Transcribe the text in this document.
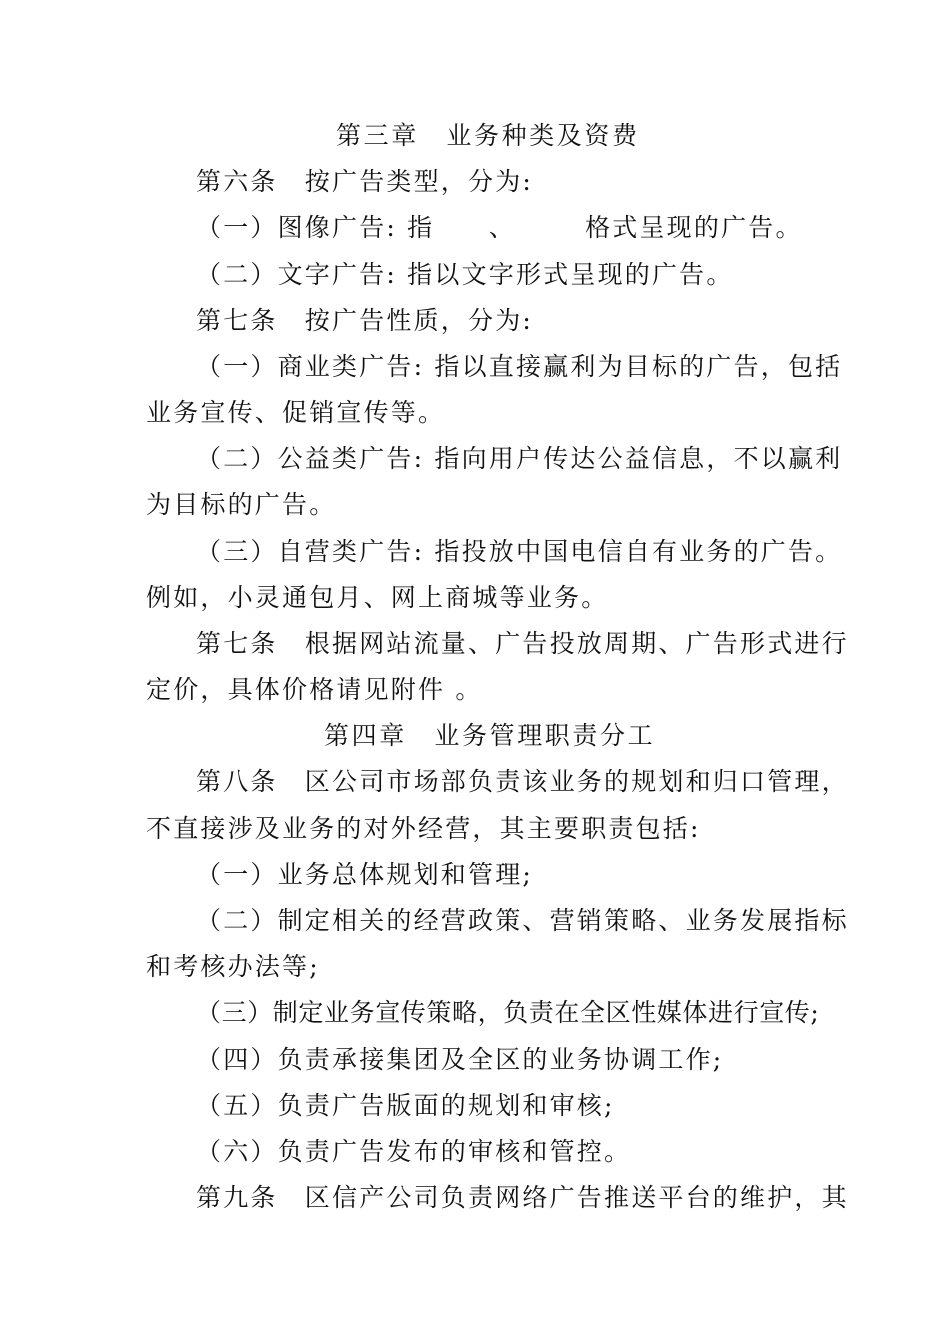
第三章　业务种类及资费
第六条　按广告类型，分为:
（一）图像广告: 指　　、　　　格式呈现的广告。
（二）文字广告: 指以文字形式呈现的广告。
第七条　按广告性质，分为:
（一）商业类广告: 指以直接赢利为目标的广告，包括
业务宣传、促销宣传等。
（二）公益类广告: 指向用户传达公益信息，不以赢利
为目标的广告。
（三）自营类广告: 指投放中国电信自有业务的广告。
例如，小灵通包月、网上商城等业务。
第七条　根据网站流量、广告投放周期、广告形式进行
定价，具体价格请见附件 。
第四章　业务管理职责分工
第八条　区公司市场部负责该业务的规划和归口管理，
不直接涉及业务的对外经营，其主要职责包括:
（一）业务总体规划和管理;
（二）制定相关的经营政策、营销策略、业务发展指标
和考核办法等;
（三）制定业务宣传策略，负责在全区性媒体进行宣传;
（四）负责承接集团及全区的业务协调工作;
（五）负责广告版面的规划和审核;
（六）负责广告发布的审核和管控。
第九条　区信产公司负责网络广告推送平台的维护，其
